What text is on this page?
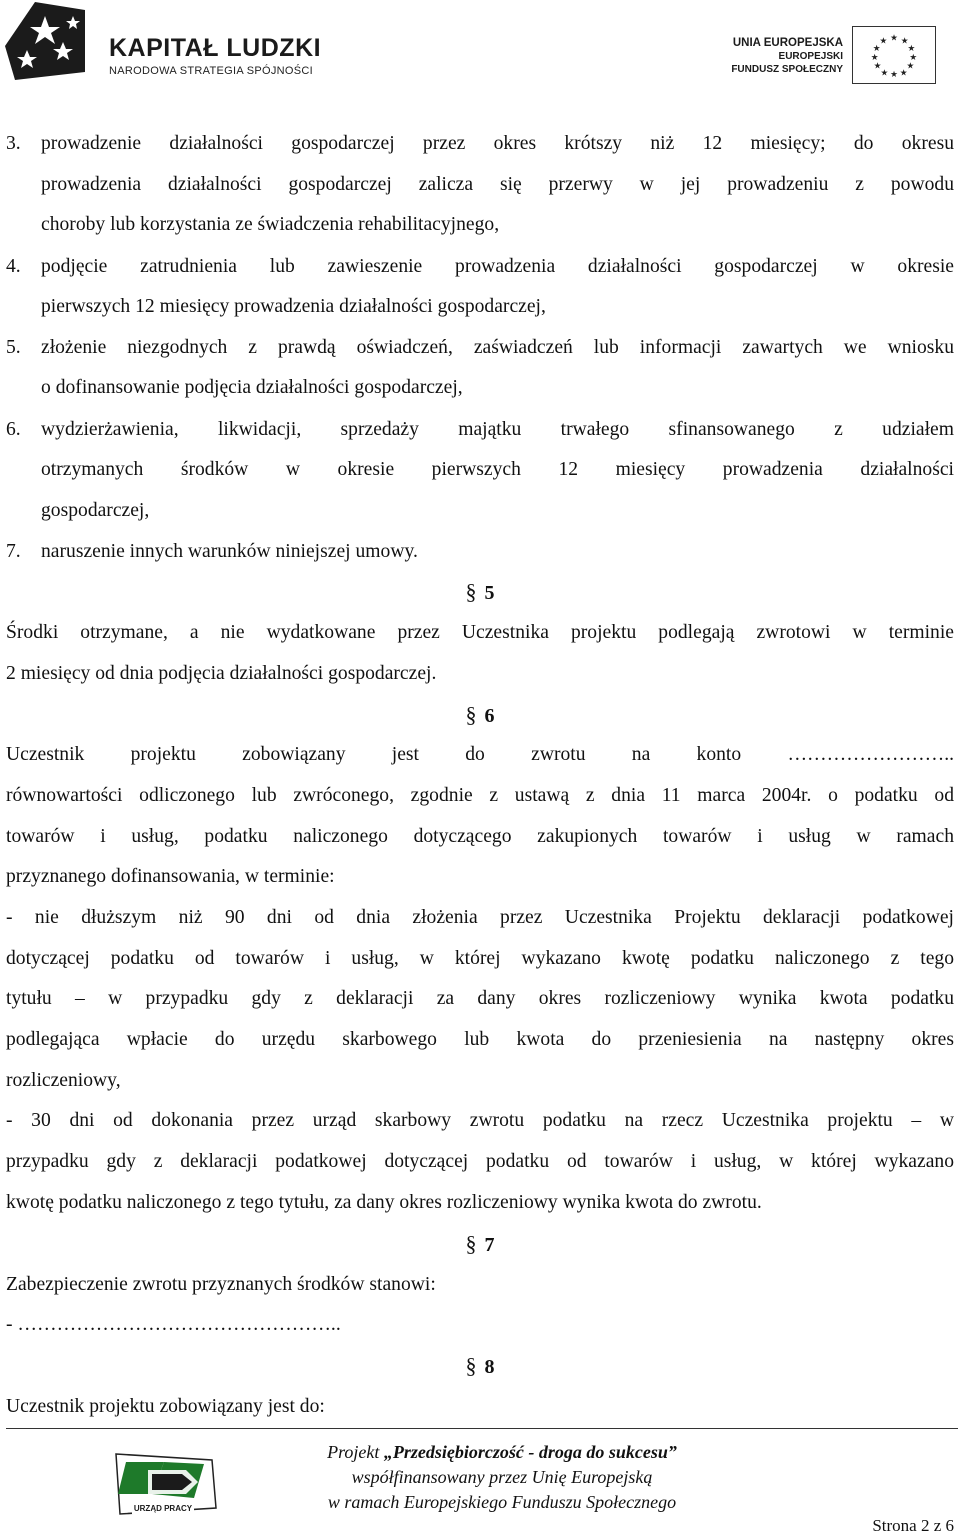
KAPITAŁ LUDZKI
NARODOWA STRATEGIA SPÓJNOŚCI
UNIA EUROPEJSKA
EUROPEJSKI
FUNDUSZ SPOŁECZNY
★ ★
★
★
★
★
★
★
★
★
★
★
3. prowadzenie działalności gospodarczej przez okres krótszy niż 12 miesięcy; do okresu
prowadzenia działalności gospodarczej zalicza się przerwy w jej prowadzeniu z powodu
choroby lub korzystania ze świadczenia rehabilitacyjnego,
4. podjęcie zatrudnienia lub zawieszenie prowadzenia działalności gospodarczej w okresie
pierwszych 12 miesięcy prowadzenia działalności gospodarczej,
5. złożenie niezgodnych z prawdą oświadczeń, zaświadczeń lub informacji zawartych we wniosku
o dofinansowanie podjęcia działalności gospodarczej,
6. wydzierżawienia, likwidacji, sprzedaży majątku trwałego sfinansowanego z udziałem
otrzymanych środków w okresie pierwszych 12 miesięcy prowadzenia działalności
gospodarczej,
7. naruszenie innych warunków niniejszej umowy.
§ 5
Środki otrzymane, a nie wydatkowane przez Uczestnika projektu podlegają zwrotowi w terminie
2 miesięcy od dnia podjęcia działalności gospodarczej.
§ 6
Uczestnik projektu zobowiązany jest do zwrotu na konto ……………………..
równowartości odliczonego lub zwróconego, zgodnie z ustawą z dnia 11 marca 2004r. o podatku od
towarów i usług, podatku naliczonego dotyczącego zakupionych towarów i usług w ramach
przyznanego dofinansowania, w terminie:
- nie dłuższym niż 90 dni od dnia złożenia przez Uczestnika Projektu deklaracji podatkowej
dotyczącej podatku od towarów i usług, w której wykazano kwotę podatku naliczonego z tego
tytułu – w przypadku gdy z deklaracji za dany okres rozliczeniowy wynika kwota podatku
podlegająca wpłacie do urzędu skarbowego lub kwota do przeniesienia na następny okres
rozliczeniowy,
- 30 dni od dokonania przez urząd skarbowy zwrotu podatku na rzecz Uczestnika projektu – w
przypadku gdy z deklaracji podatkowej dotyczącej podatku od towarów i usług, w której wykazano
kwotę podatku naliczonego z tego tytułu, za dany okres rozliczeniowy wynika kwota do zwrotu.
§ 7
Zabezpieczenie zwrotu przyznanych środków stanowi:
- …………………………………………..
§ 8
Uczestnik projektu zobowiązany jest do:
URZĄD PRACY
Projekt „Przedsiębiorczość - droga do sukcesu”
współfinansowany przez Unię Europejską
w ramach Europejskiego Funduszu Społecznego
Strona 2 z 6
